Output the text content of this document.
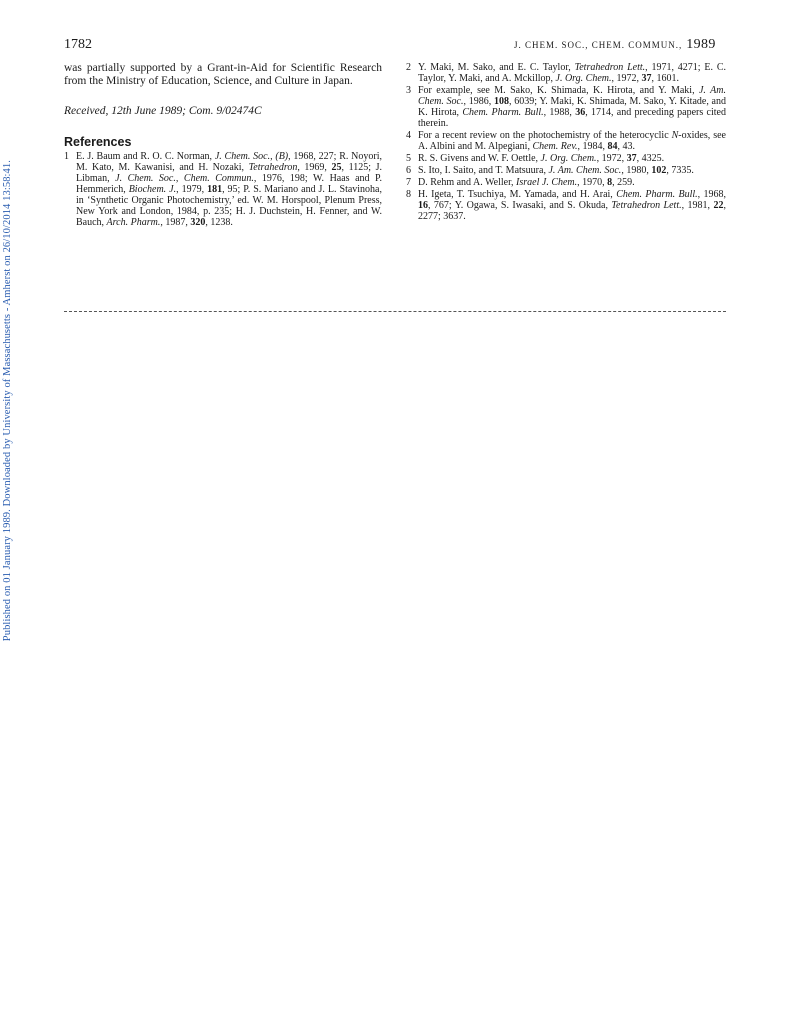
Published on 01 January 1989. Downloaded by University of Massachusetts - Amherst on 26/10/2014 13:58:41.
1782	J. CHEM. SOC., CHEM. COMMUN., 1989

was partially supported by a Grant-in-Aid for Scientific Research from the Ministry of Education, Science, and Culture in Japan.

Received, 12th June 1989; Com. 9/02474C
References
1 E. J. Baum and R. O. C. Norman, J. Chem. Soc., (B), 1968, 227; R. Noyori, M. Kato, M. Kawanisi, and H. Nozaki, Tetrahedron, 1969, 25, 1125; J. Libman, J. Chem. Soc., Chem. Commun., 1976, 198; W. Haas and P. Hemmerich, Biochem. J., 1979, 181, 95; P. S. Mariano and J. L. Stavinoha, in ‘Synthetic Organic Photochemistry,’ ed. W. M. Horspool, Plenum Press, New York and London, 1984, p. 235; H. J. Duchstein, H. Fenner, and W. Bauch, Arch. Pharm., 1987, 320, 1238.
2 Y. Maki, M. Sako, and E. C. Taylor, Tetrahedron Lett., 1971, 4271; E. C. Taylor, Y. Maki, and A. Mckillop, J. Org. Chem., 1972, 37, 1601.
3 For example, see M. Sako, K. Shimada, K. Hirota, and Y. Maki, J. Am. Chem. Soc., 1986, 108, 6039; Y. Maki, K. Shimada, M. Sako, Y. Kitade, and K. Hirota, Chem. Pharm. Bull., 1988, 36, 1714, and preceding papers cited therein.
4 For a recent review on the photochemistry of the heterocyclic N-oxides, see A. Albini and M. Alpegiani, Chem. Rev., 1984, 84, 43.
5 R. S. Givens and W. F. Oettle, J. Org. Chem., 1972, 37, 4325.
6 S. Ito, I. Saito, and T. Matsuura, J. Am. Chem. Soc., 1980, 102, 7335.
7 D. Rehm and A. Weller, Israel J. Chem., 1970, 8, 259.
8 H. Igeta, T. Tsuchiya, M. Yamada, and H. Arai, Chem. Pharm. Bull., 1968, 16, 767; Y. Ogawa, S. Iwasaki, and S. Okuda, Tetrahedron Lett., 1981, 22, 2277; 3637.
